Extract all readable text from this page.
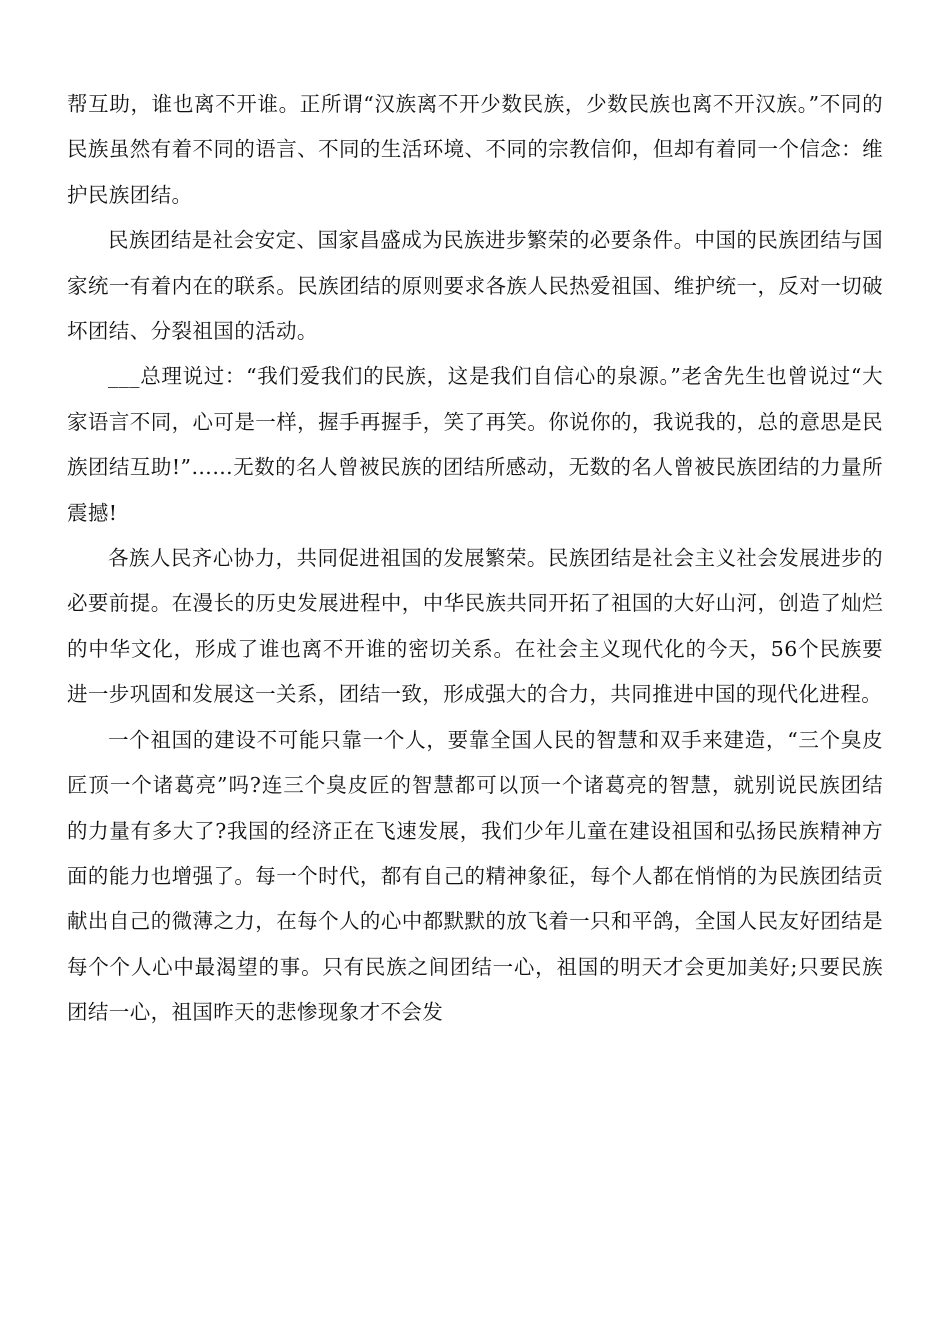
帮互助，谁也离不开谁。正所谓“汉族离不开少数民族，少数民族也离不开汉族。”不同的民族虽然有着不同的语言、不同的生活环境、不同的宗教信仰，但却有着同一个信念：维护民族团结。

民族团结是社会安定、国家昌盛成为民族进步繁荣的必要条件。中国的民族团结与国家统一有着内在的联系。民族团结的原则要求各族人民热爱祖国、维护统一，反对一切破坏团结、分裂祖国的活动。

___总理说过：“我们爱我们的民族，这是我们自信心的泉源。”老舍先生也曾说过“大家语言不同，心可是一样，握手再握手，笑了再笑。你说你的，我说我的，总的意思是民族团结互助!”……无数的名人曾被民族的团结所感动，无数的名人曾被民族团结的力量所震撼!

各族人民齐心协力，共同促进祖国的发展繁荣。民族团结是社会主义社会发展进步的必要前提。在漫长的历史发展进程中，中华民族共同开拓了祖国的大好山河，创造了灿烂的中华文化，形成了谁也离不开谁的密切关系。在社会主义现代化的今天，56个民族要进一步巩固和发展这一关系，团结一致，形成强大的合力，共同推进中国的现代化进程。

一个祖国的建设不可能只靠一个人，要靠全国人民的智慧和双手来建造，“三个臭皮匠顶一个诸葛亮”吗?连三个臭皮匠的智慧都可以顶一个诸葛亮的智慧，就别说民族团结的力量有多大了?我国的经济正在飞速发展，我们少年儿童在建设祖国和弘扬民族精神方面的能力也增强了。每一个时代，都有自己的精神象征，每个人都在悄悄的为民族团结贡献出自己的微薄之力，在每个人的心中都默默的放飞着一只和平鸽，全国人民友好团结是每个个人心中最渴望的事。只有民族之间团结一心，祖国的明天才会更加美好;只要民族团结一心，祖国昨天的悲惨现象才不会发
